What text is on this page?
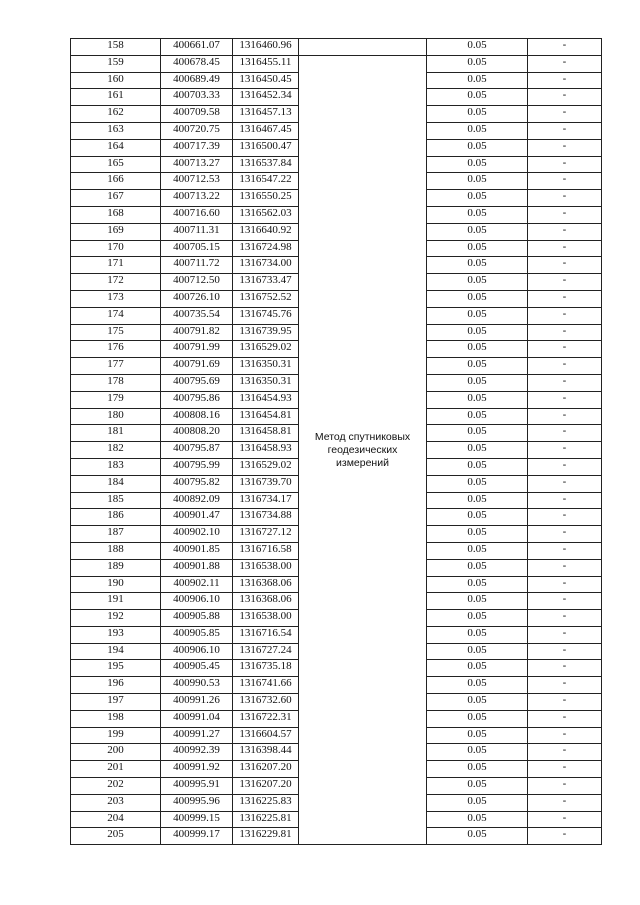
158	400661.07	1316460.96		0.05	-
159	400678.45	1316455.11	Метод спутниковых геодезических измерений	0.05	-
160	400689.49	1316450.45		0.05	-
161	400703.33	1316452.34		0.05	-
162	400709.58	1316457.13		0.05	-
163	400720.75	1316467.45		0.05	-
164	400717.39	1316500.47		0.05	-
165	400713.27	1316537.84		0.05	-
166	400712.53	1316547.22		0.05	-
167	400713.22	1316550.25		0.05	-
168	400716.60	1316562.03		0.05	-
169	400711.31	1316640.92		0.05	-
170	400705.15	1316724.98		0.05	-
171	400711.72	1316734.00		0.05	-
172	400712.50	1316733.47		0.05	-
173	400726.10	1316752.52		0.05	-
174	400735.54	1316745.76		0.05	-
175	400791.82	1316739.95		0.05	-
176	400791.99	1316529.02		0.05	-
177	400791.69	1316350.31		0.05	-
178	400795.69	1316350.31		0.05	-
179	400795.86	1316454.93		0.05	-
180	400808.16	1316454.81		0.05	-
181	400808.20	1316458.81		0.05	-
182	400795.87	1316458.93		0.05	-
183	400795.99	1316529.02		0.05	-
184	400795.82	1316739.70		0.05	-
185	400892.09	1316734.17		0.05	-
186	400901.47	1316734.88		0.05	-
187	400902.10	1316727.12		0.05	-
188	400901.85	1316716.58		0.05	-
189	400901.88	1316538.00		0.05	-
190	400902.11	1316368.06		0.05	-
191	400906.10	1316368.06		0.05	-
192	400905.88	1316538.00		0.05	-
193	400905.85	1316716.54		0.05	-
194	400906.10	1316727.24		0.05	-
195	400905.45	1316735.18		0.05	-
196	400990.53	1316741.66		0.05	-
197	400991.26	1316732.60		0.05	-
198	400991.04	1316722.31		0.05	-
199	400991.27	1316604.57		0.05	-
200	400992.39	1316398.44		0.05	-
201	400991.92	1316207.20		0.05	-
202	400995.91	1316207.20		0.05	-
203	400995.96	1316225.83		0.05	-
204	400999.15	1316225.81		0.05	-
205	400999.17	1316229.81		0.05	-
